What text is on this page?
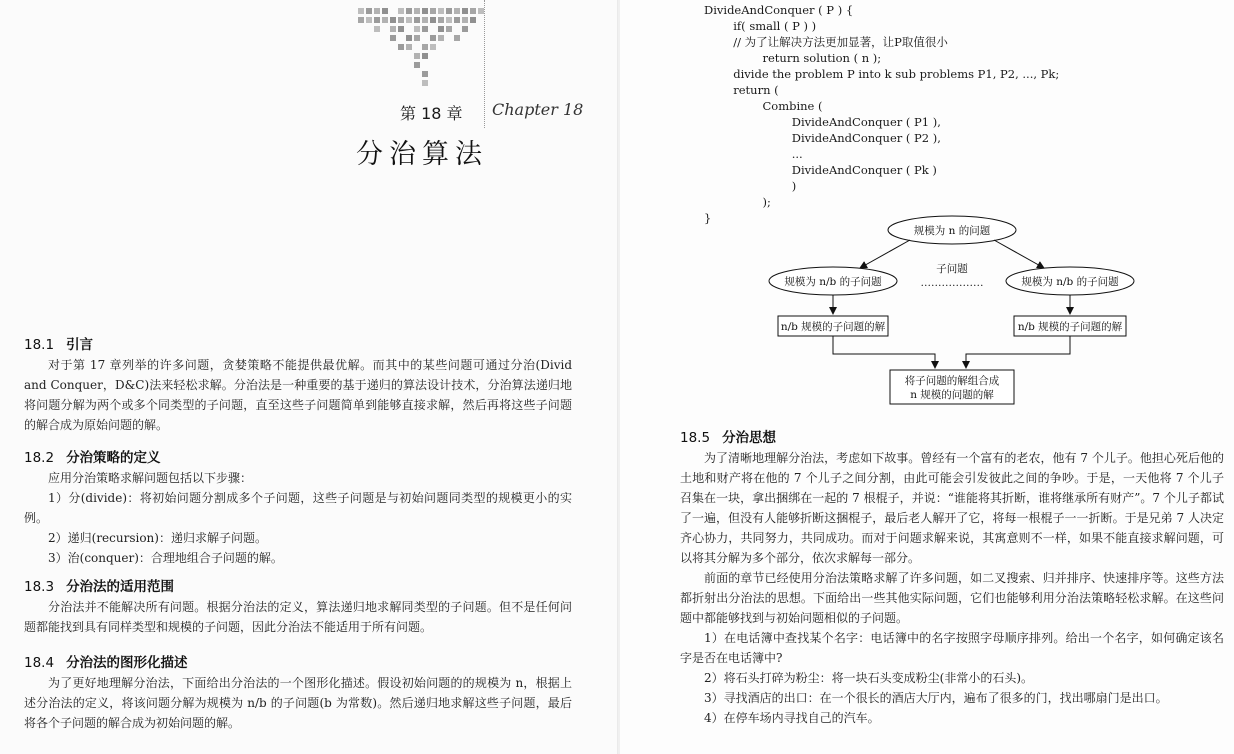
第 18 章 Chapter 18
分治算法
18.1 引言
对于第 17 章列举的许多问题，贪婪策略不能提供最优解。而其中的某些问题可通过分治(Divid and Conquer，D&C)法来轻松求解。分治法是一种重要的基于递归的算法设计技术，分治算法递归地将问题分解为两个或多个同类型的子问题，直至这些子问题简单到能够直接求解，然后再将这些子问题的解合成为原始问题的解。
18.2 分治策略的定义
应用分治策略求解问题包括以下步骤：
1）分(divide)：将初始问题分割成多个子问题，这些子问题是与初始问题同类型的规模更小的实例。
2）递归(recursion)：递归求解子问题。
3）治(conquer)：合理地组合子问题的解。
18.3 分治法的适用范围
分治法并不能解决所有问题。根据分治法的定义，算法递归地求解同类型的子问题。但不是任何问题都能找到具有同样类型和规模的子问题，因此分治法不能适用于所有问题。
18.4 分治法的图形化描述
为了更好地理解分治法，下面给出分治法的一个图形化描述。假设初始问题的的规模为 n，根据上述分治法的定义，将该问题分解为规模为 n/b 的子问题(b 为常数)。然后递归地求解这些子问题，最后将各个子问题的解合成为初始问题的解。
DivideAndConquer ( P ) {
if( small ( P ) )
// 为了让解决方法更加显著，让P取值很小
return solution ( n );
divide the problem P into k sub problems P1, P2, ..., Pk;
return (
Combine (
DivideAndConquer ( P1 ),
DivideAndConquer ( P2 ),
...
DivideAndConquer ( Pk )
)
);
}
规模为 n 的问题
规模为 n/b 的子问题	规模为 n/b 的子问题
子问题
………………
n/b 规模的子问题的解	n/b 规模的子问题的解
将子问题的解组合成
n 规模的问题的解
18.5 分治思想
为了清晰地理解分治法，考虑如下故事。曾经有一个富有的老农，他有 7 个儿子。他担心死后他的土地和财产将在他的 7 个儿子之间分割，由此可能会引发彼此之间的争吵。于是，一天他将 7 个儿子召集在一块，拿出捆绑在一起的 7 根棍子，并说：“谁能将其折断，谁将继承所有财产”。7 个儿子都试了一遍，但没有人能够折断这捆棍子，最后老人解开了它，将每一根棍子一一折断。于是兄弟 7 人决定齐心协力，共同努力，共同成功。而对于问题求解来说，其寓意则不一样，如果不能直接求解问题，可以将其分解为多个部分，依次求解每一部分。
前面的章节已经使用分治法策略求解了许多问题，如二叉搜索、归并排序、快速排序等。这些方法都折射出分治法的思想。下面给出一些其他实际问题，它们也能够利用分治法策略轻松求解。在这些问题中都能够找到与初始问题相似的子问题。
1）在电话簿中查找某个名字：电话簿中的名字按照字母顺序排列。给出一个名字，如何确定该名字是否在电话簿中?
2）将石头打碎为粉尘：将一块石头变成粉尘(非常小的石头)。
3）寻找酒店的出口：在一个很长的酒店大厅内，遍布了很多的门，找出哪扇门是出口。
4）在停车场内寻找自己的汽车。
